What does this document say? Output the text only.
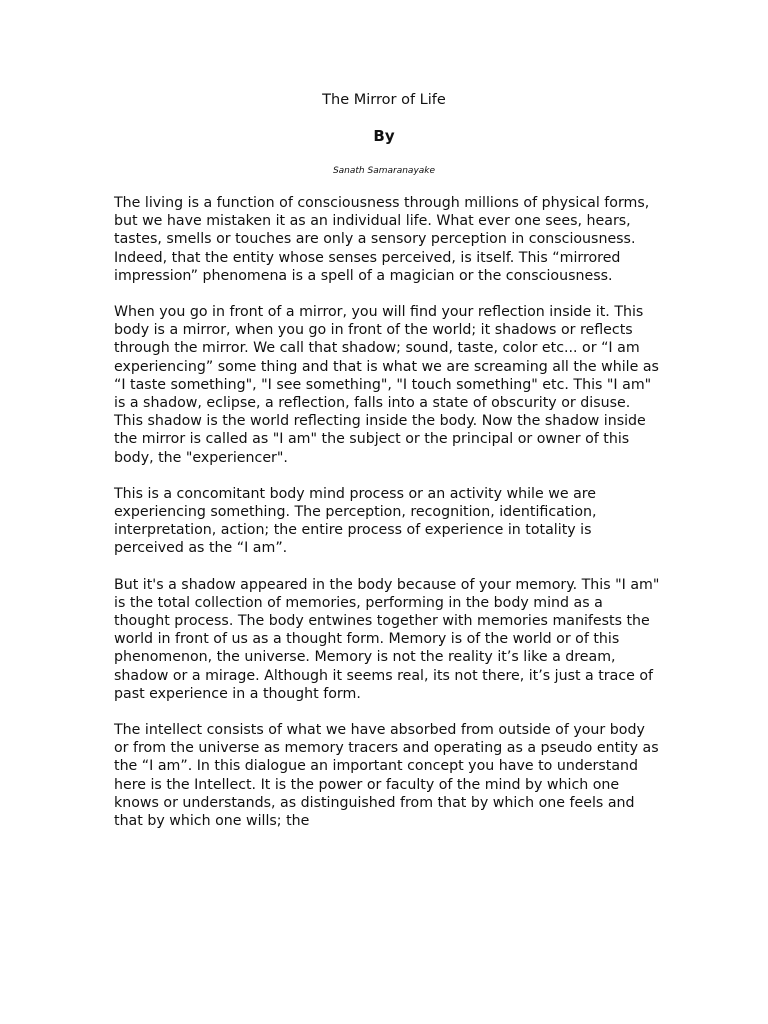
The Mirror of Life
By
Sanath Samaranayake

The living is a function of consciousness through millions of physical forms, but we have mistaken it as an individual life. What ever one sees, hears, tastes, smells or touches are only a sensory perception in consciousness. Indeed, that the entity whose senses perceived, is itself. This “mirrored impression” phenomena is a spell of a magician or the consciousness.

When you go in front of a mirror, you will find your reflection inside it. This body is a mirror, when you go in front of the world; it shadows or reflects through the mirror. We call that shadow; sound, taste, color etc... or “I am experiencing” some thing and that is what we are screaming all the while as “I taste something", "I see something", "I touch something" etc. This "I am" is a shadow, eclipse, a reflection, falls into a state of obscurity or disuse. This shadow is the world reflecting inside the body. Now the shadow inside the mirror is called as "I am" the subject or the principal or owner of this body, the "experiencer".

This is a concomitant body mind process or an activity while we are experiencing something. The perception, recognition, identification, interpretation, action; the entire process of experience in totality is perceived as the “I am”.

But it's a shadow appeared in the body because of your memory. This "I am" is the total collection of memories, performing in the body mind as a thought process. The body entwines together with memories manifests the world in front of us as a thought form. Memory is of the world or of this phenomenon, the universe. Memory is not the reality it’s like a dream, shadow or a mirage. Although it seems real, its not there, it’s just a trace of past experience in a thought form.

The intellect consists of what we have absorbed from outside of your body or from the universe as memory tracers and operating as a pseudo entity as the “I am”. In this dialogue an important concept you have to understand here is the Intellect. It is the power or faculty of the mind by which one knows or understands, as distinguished from that by which one feels and that by which one wills; the
